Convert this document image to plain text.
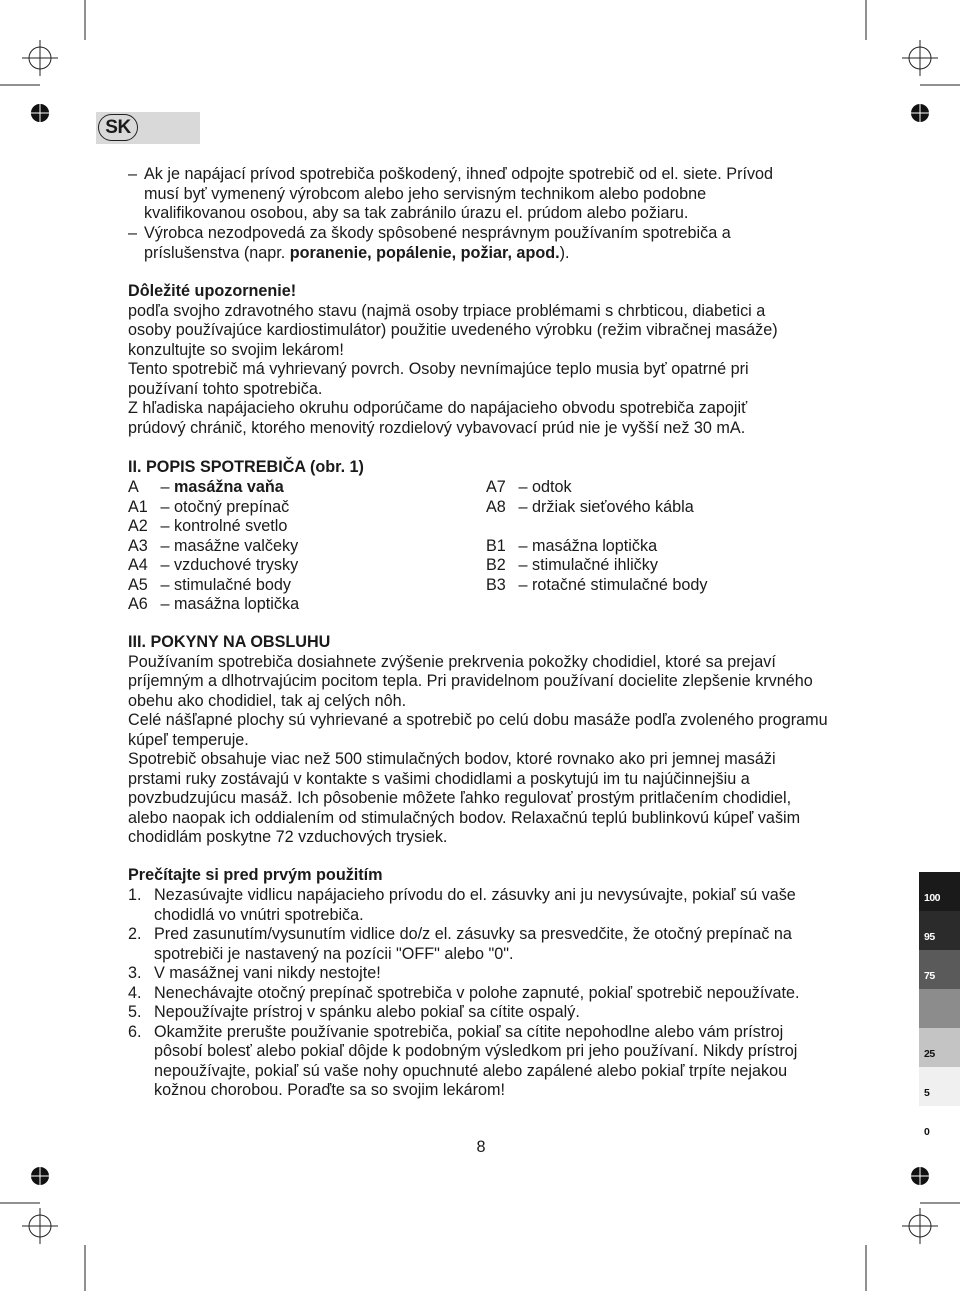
SK
– Ak je napájací prívod spotrebiča poškodený, ihneď odpojte spotrebič od el. siete. Prívod musí byť vymenený výrobcom alebo jeho servisným technikom alebo podobne kvalifikovanou osobou, aby sa tak zabránilo úrazu el. prúdom alebo požiaru.
– Výrobca nezodpovedá za škody spôsobené nesprávnym používaním spotrebiča a príslušenstva (napr. poranenie, popálenie, požiar, apod.).

Dôležité upozornenie!

podľa svojho zdravotného stavu (najmä osoby trpiace problémami s chrbticou, diabetici a osoby používajúce kardiostimulátor) použitie uvedeného výrobku (režim vibračnej masáže) konzultujte so svojim lekárom!

Tento spotrebič má vyhrievaný povrch. Osoby nevnímajúce teplo musia byť opatrné pri používaní tohto spotrebiča.

Z hľadiska napájacieho okruhu odporúčame do napájacieho obvodu spotrebiča zapojiť prúdový chránič, ktorého menovitý rozdielový vybavovací prúd nie je vyšší než 30 mA.

II. POPIS SPOTREBIČA (obr. 1)

A – masážna vaňa
A1 – otočný prepínač
A2 – kontrolné svetlo
A3 – masážne valčeky
A4 – vzduchové trysky
A5 – stimulačné body
A6 – masážna loptička
A7 – odtok
A8 – držiak sieťového kábla
B1 – masážna loptička
B2 – stimulačné ihličky
B3 – rotačné stimulačné body

III. POKYNY NA OBSLUHU

Používaním spotrebiča dosiahnete zvýšenie prekrvenia pokožky chodidiel, ktoré sa prejaví príjemným a dlhotrvajúcim pocitom tepla. Pri pravidelnom používaní docielite zlepšenie krvného obehu ako chodidiel, tak aj celých nôh.

Celé nášľapné plochy sú vyhrievané a spotrebič po celú dobu masáže podľa zvoleného programu kúpeľ temperuje.

Spotrebič obsahuje viac než 500 stimulačných bodov, ktoré rovnako ako pri jemnej masáži prstami ruky zostávajú v kontakte s vašimi chodidlami a poskytujú im tu najúčinnejšiu a povzbudzujúcu masáž. Ich pôsobenie môžete ľahko regulovať prostým pritlačením chodidiel, alebo naopak ich oddialením od stimulačných bodov. Relaxačnú teplú bublinkovú kúpeľ vašim chodidlám poskytne 72 vzduchových trysiek.

Prečítajte si pred prvým použitím

1. Nezasúvajte vidlicu napájacieho prívodu do el. zásuvky ani ju nevysúvajte, pokiaľ sú vaše chodidlá vo vnútri spotrebiča.
2. Pred zasunutím/vysunutím vidlice do/z el. zásuvky sa presvedčite, že otočný prepínač na spotrebiči je nastavený na pozícii "OFF" alebo "0".
3. V masážnej vani nikdy nestojte!
4. Nenechávajte otočný prepínač spotrebiča v polohe zapnuté, pokiaľ spotrebič nepoužívate.
5. Nepoužívajte prístroj v spánku alebo pokiaľ sa cítite ospalý.
6. Okamžite prerušte používanie spotrebiča, pokiaľ sa cítite nepohodlne alebo vám prístroj pôsobí bolesť alebo pokiaľ dôjde k podobným výsledkom pri jeho používaní. Nikdy prístroj nepoužívajte, pokiaľ sú vaše nohy opuchnuté alebo zapálené alebo pokiaľ trpíte nejakou kožnou chorobou. Poraďte sa so svojim lekárom!
8
100
95
75
25
5
0
